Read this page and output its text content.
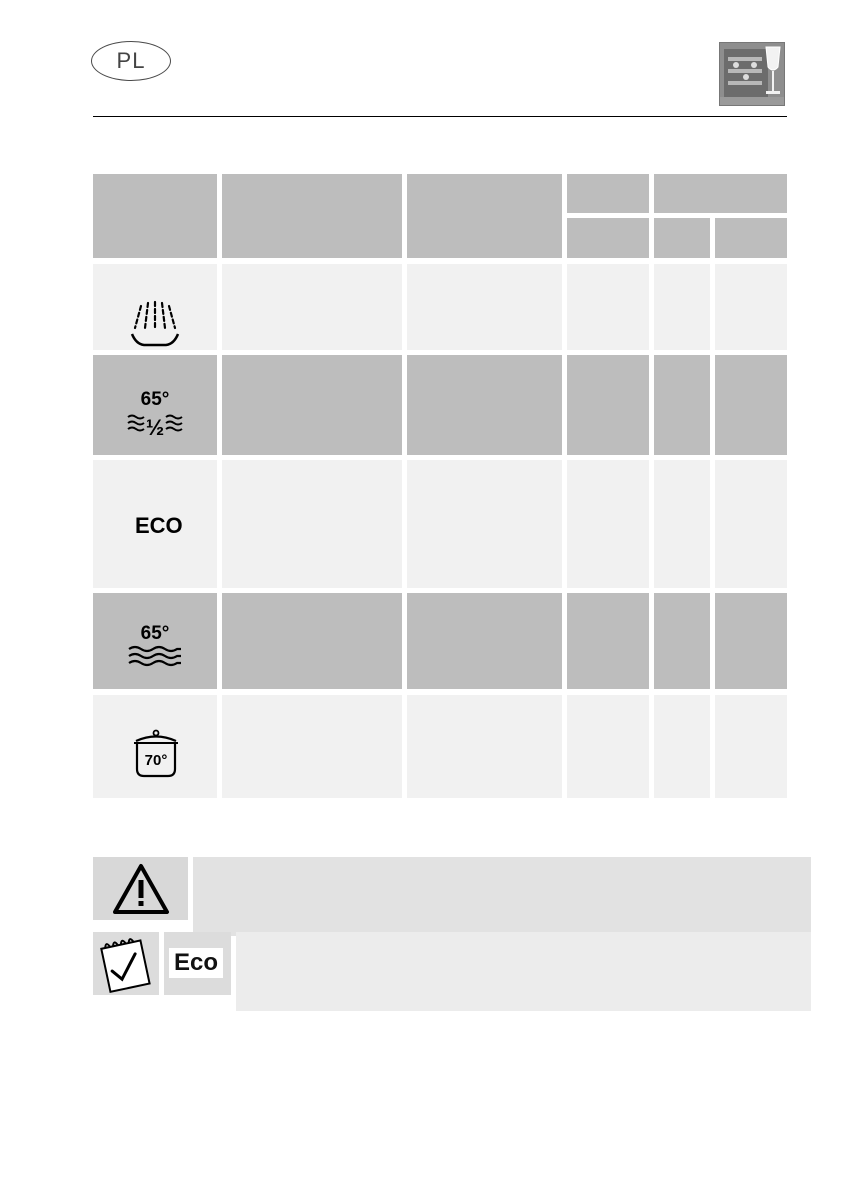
PL
65°
½
ECO
65°
70°
Eco
